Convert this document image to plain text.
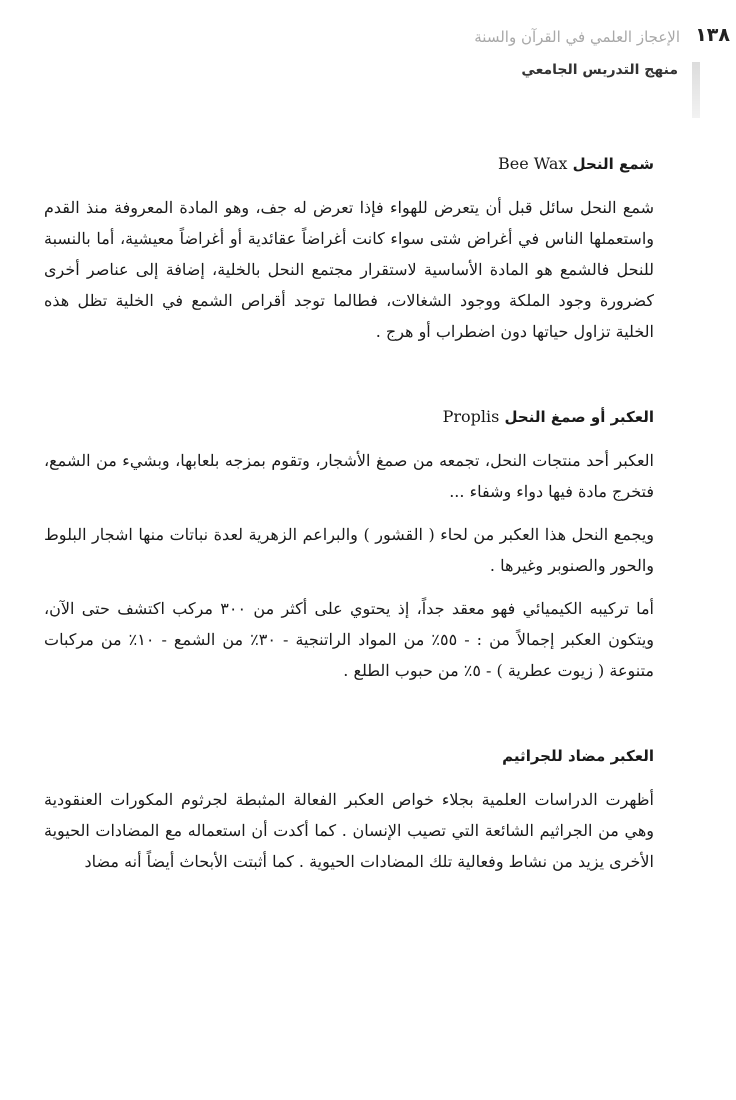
الإعجاز العلمي في القرآن والسنة ١٣٨
منهج التدريس الجامعي
شمع النحل Bee Wax

شمع النحل سائل قبل أن يتعرض للهواء فإذا تعرض له جف، وهو المادة المعروفة منذ القدم واستعملها الناس في أغراض شتى سواء كانت أغراضاً عقائدية أو أغراضاً معيشية، أما بالنسبة للنحل فالشمع هو المادة الأساسية لاستقرار مجتمع النحل بالخلية، إضافة إلى عناصر أخرى كضرورة وجود الملكة ووجود الشغالات، فطالما توجد أقراص الشمع في الخلية تظل هذه الخلية تزاول حياتها دون اضطراب أو هرج .

العكبر أو صمغ النحل Proplis

العكبر أحد منتجات النحل، تجمعه من صمغ الأشجار، وتقوم بمزجه بلعابها، وبشيء من الشمع، فتخرج مادة فيها دواء وشفاء ...

ويجمع النحل هذا العكبر من لحاء ( القشور ) والبراعم الزهرية لعدة نباتات منها اشجار البلوط والحور والصنوبر وغيرها .

أما تركيبه الكيميائي فهو معقد جداً، إذ يحتوي على أكثر من ٣٠٠ مركب اكتشف حتى الآن، ويتكون العكبر إجمالاً من : - ٥٥٪ من المواد الراتنجية - ٣٠٪ من الشمع - ١٠٪ من مركبات متنوعة ( زيوت عطرية ) - ٥٪ من حبوب الطلع .

العكبر مضاد للجراثيم

أظهرت الدراسات العلمية بجلاء خواص العكبر الفعالة المثبطة لجرثوم المكورات العنقودية وهي من الجراثيم الشائعة التي تصيب الإنسان . كما أكدت أن استعماله مع المضادات الحيوية الأخرى يزيد من نشاط وفعالية تلك المضادات الحيوية . كما أثبتت الأبحاث أيضاً أنه مضاد
